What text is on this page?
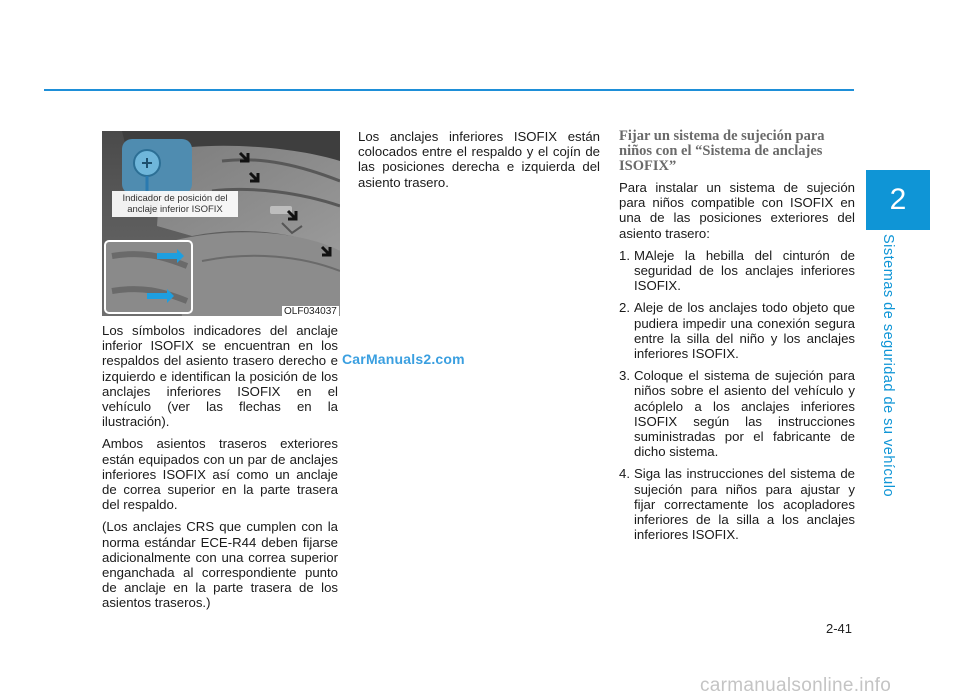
2
Sistemas de seguridad de su vehículo
Indicador de posición del anclaje inferior ISOFIX
OLF034037

Los símbolos indicadores del anclaje inferior ISOFIX se encuentran en los respaldos del asiento trasero derecho e izquierdo e identifican la posición de los anclajes inferiores ISOFIX en el vehículo (ver las flechas en la ilustración).

Ambos asientos traseros exteriores están equipados con un par de anclajes inferiores ISOFIX así como un anclaje de correa superior en la parte trasera del respaldo.

(Los anclajes CRS que cumplen con la norma estándar ECE-R44 deben fijarse adicionalmente con una correa superior enganchada al correspondiente punto de anclaje en la parte trasera de los asientos traseros.)

Los anclajes inferiores ISOFIX están colocados entre el respaldo y el cojín de las posiciones derecha e izquierda del asiento trasero.

Fijar un sistema de sujeción para niños con el “Sistema de anclajes ISOFIX”

Para instalar un sistema de sujeción para niños compatible con ISOFIX en una de las posiciones exteriores del asiento trasero:

1. MAleje la hebilla del cinturón de seguridad de los anclajes inferiores ISOFIX.
2. Aleje de los anclajes todo objeto que pudiera impedir una conexión segura entre la silla del niño y los anclajes inferiores ISOFIX.
3. Coloque el sistema de sujeción para niños sobre el asiento del vehículo y acóplelo a los anclajes inferiores ISOFIX según las instrucciones suministradas por el fabricante de dicho sistema.
4. Siga las instrucciones del sistema de sujeción para niños para ajustar y fijar correctamente los acopladores inferiores de la silla a los anclajes inferiores ISOFIX.
CarManuals2.com
2-41
carmanualsonline.info
